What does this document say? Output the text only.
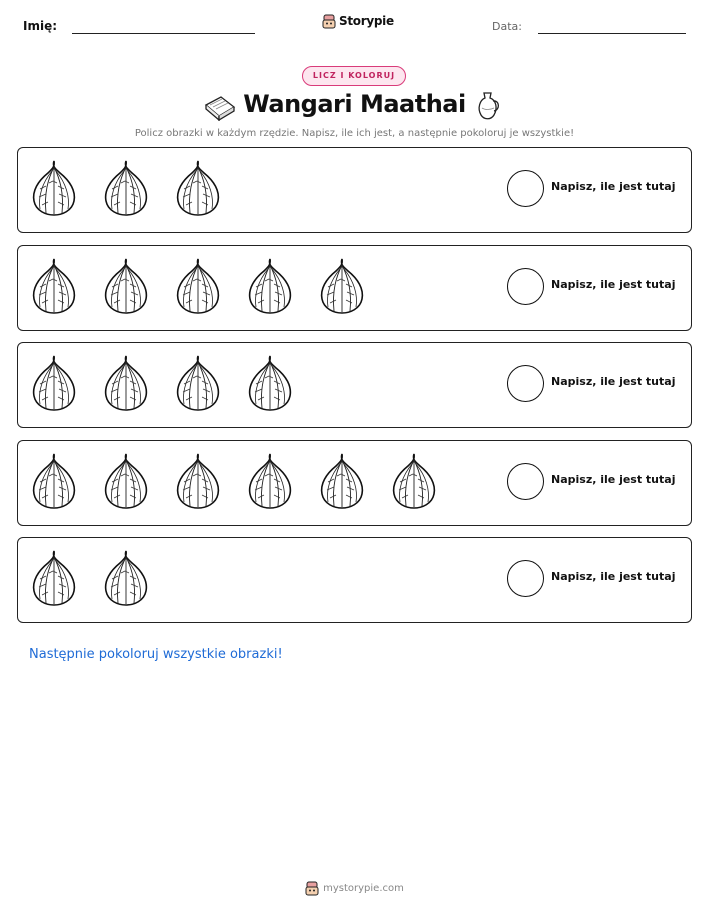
Imię:	Storypie	Data:
LICZ I KOLORUJ
Wangari Maathai
Policz obrazki w każdym rzędzie. Napisz, ile ich jest, a następnie pokoloruj je wszystkie!
Napisz, ile jest tutaj
Napisz, ile jest tutaj
Napisz, ile jest tutaj
Napisz, ile jest tutaj
Napisz, ile jest tutaj
Następnie pokoloruj wszystkie obrazki!
mystorypie.com
